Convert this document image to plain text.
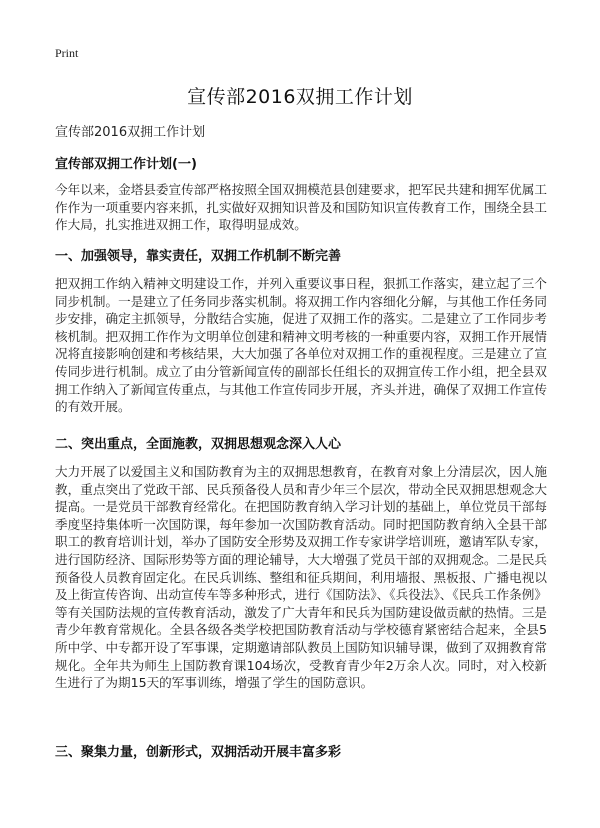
Print
宣传部2016双拥工作计划
宣传部2016双拥工作计划
宣传部双拥工作计划(一)

今年以来，金塔县委宣传部严格按照全国双拥模范县创建要求，把军民共建和拥军优属工作作为一项重要内容来抓，扎实做好双拥知识普及和国防知识宣传教育工作，围绕全县工作大局，扎实推进双拥工作，取得明显成效。

一、加强领导，靠实责任，双拥工作机制不断完善

把双拥工作纳入精神文明建设工作，并列入重要议事日程，狠抓工作落实，建立起了三个同步机制。一是建立了任务同步落实机制。将双拥工作内容细化分解，与其他工作任务同步安排，确定主抓领导，分散结合实施，促进了双拥工作的落实。二是建立了工作同步考核机制。把双拥工作作为文明单位创建和精神文明考核的一种重要内容，双拥工作开展情况将直接影响创建和考核结果，大大加强了各单位对双拥工作的重视程度。三是建立了宣传同步进行机制。成立了由分管新闻宣传的副部长任组长的双拥宣传工作小组，把全县双拥工作纳入了新闻宣传重点，与其他工作宣传同步开展，齐头并进，确保了双拥工作宣传的有效开展。

二、突出重点，全面施教，双拥思想观念深入人心

大力开展了以爱国主义和国防教育为主的双拥思想教育，在教育对象上分清层次，因人施教，重点突出了党政干部、民兵预备役人员和青少年三个层次，带动全民双拥思想观念大提高。一是党员干部教育经常化。在把国防教育纳入学习计划的基础上，单位党员干部每季度坚持集体听一次国防课，每年参加一次国防教育活动。同时把国防教育纳入全县干部职工的教育培训计划，举办了国防安全形势及双拥工作专家讲学培训班，邀请军队专家，进行国防经济、国际形势等方面的理论辅导，大大增强了党员干部的双拥观念。二是民兵预备役人员教育固定化。在民兵训练、整组和征兵期间，利用墙报、黑板报、广播电视以及上街宣传咨询、出动宣传车等多种形式，进行《国防法》、《兵役法》、《民兵工作条例》等有关国防法规的宣传教育活动，激发了广大青年和民兵为国防建设做贡献的热情。三是青少年教育常规化。全县各级各类学校把国防教育活动与学校德育紧密结合起来，全县5所中学、中专都开设了军事课，定期邀请部队教员上国防知识辅导课，做到了双拥教育常规化。全年共为师生上国防教育课104场次，受教育青少年2万余人次。同时，对入校新生进行了为期15天的军事训练，增强了学生的国防意识。

三、聚集力量，创新形式，双拥活动开展丰富多彩
